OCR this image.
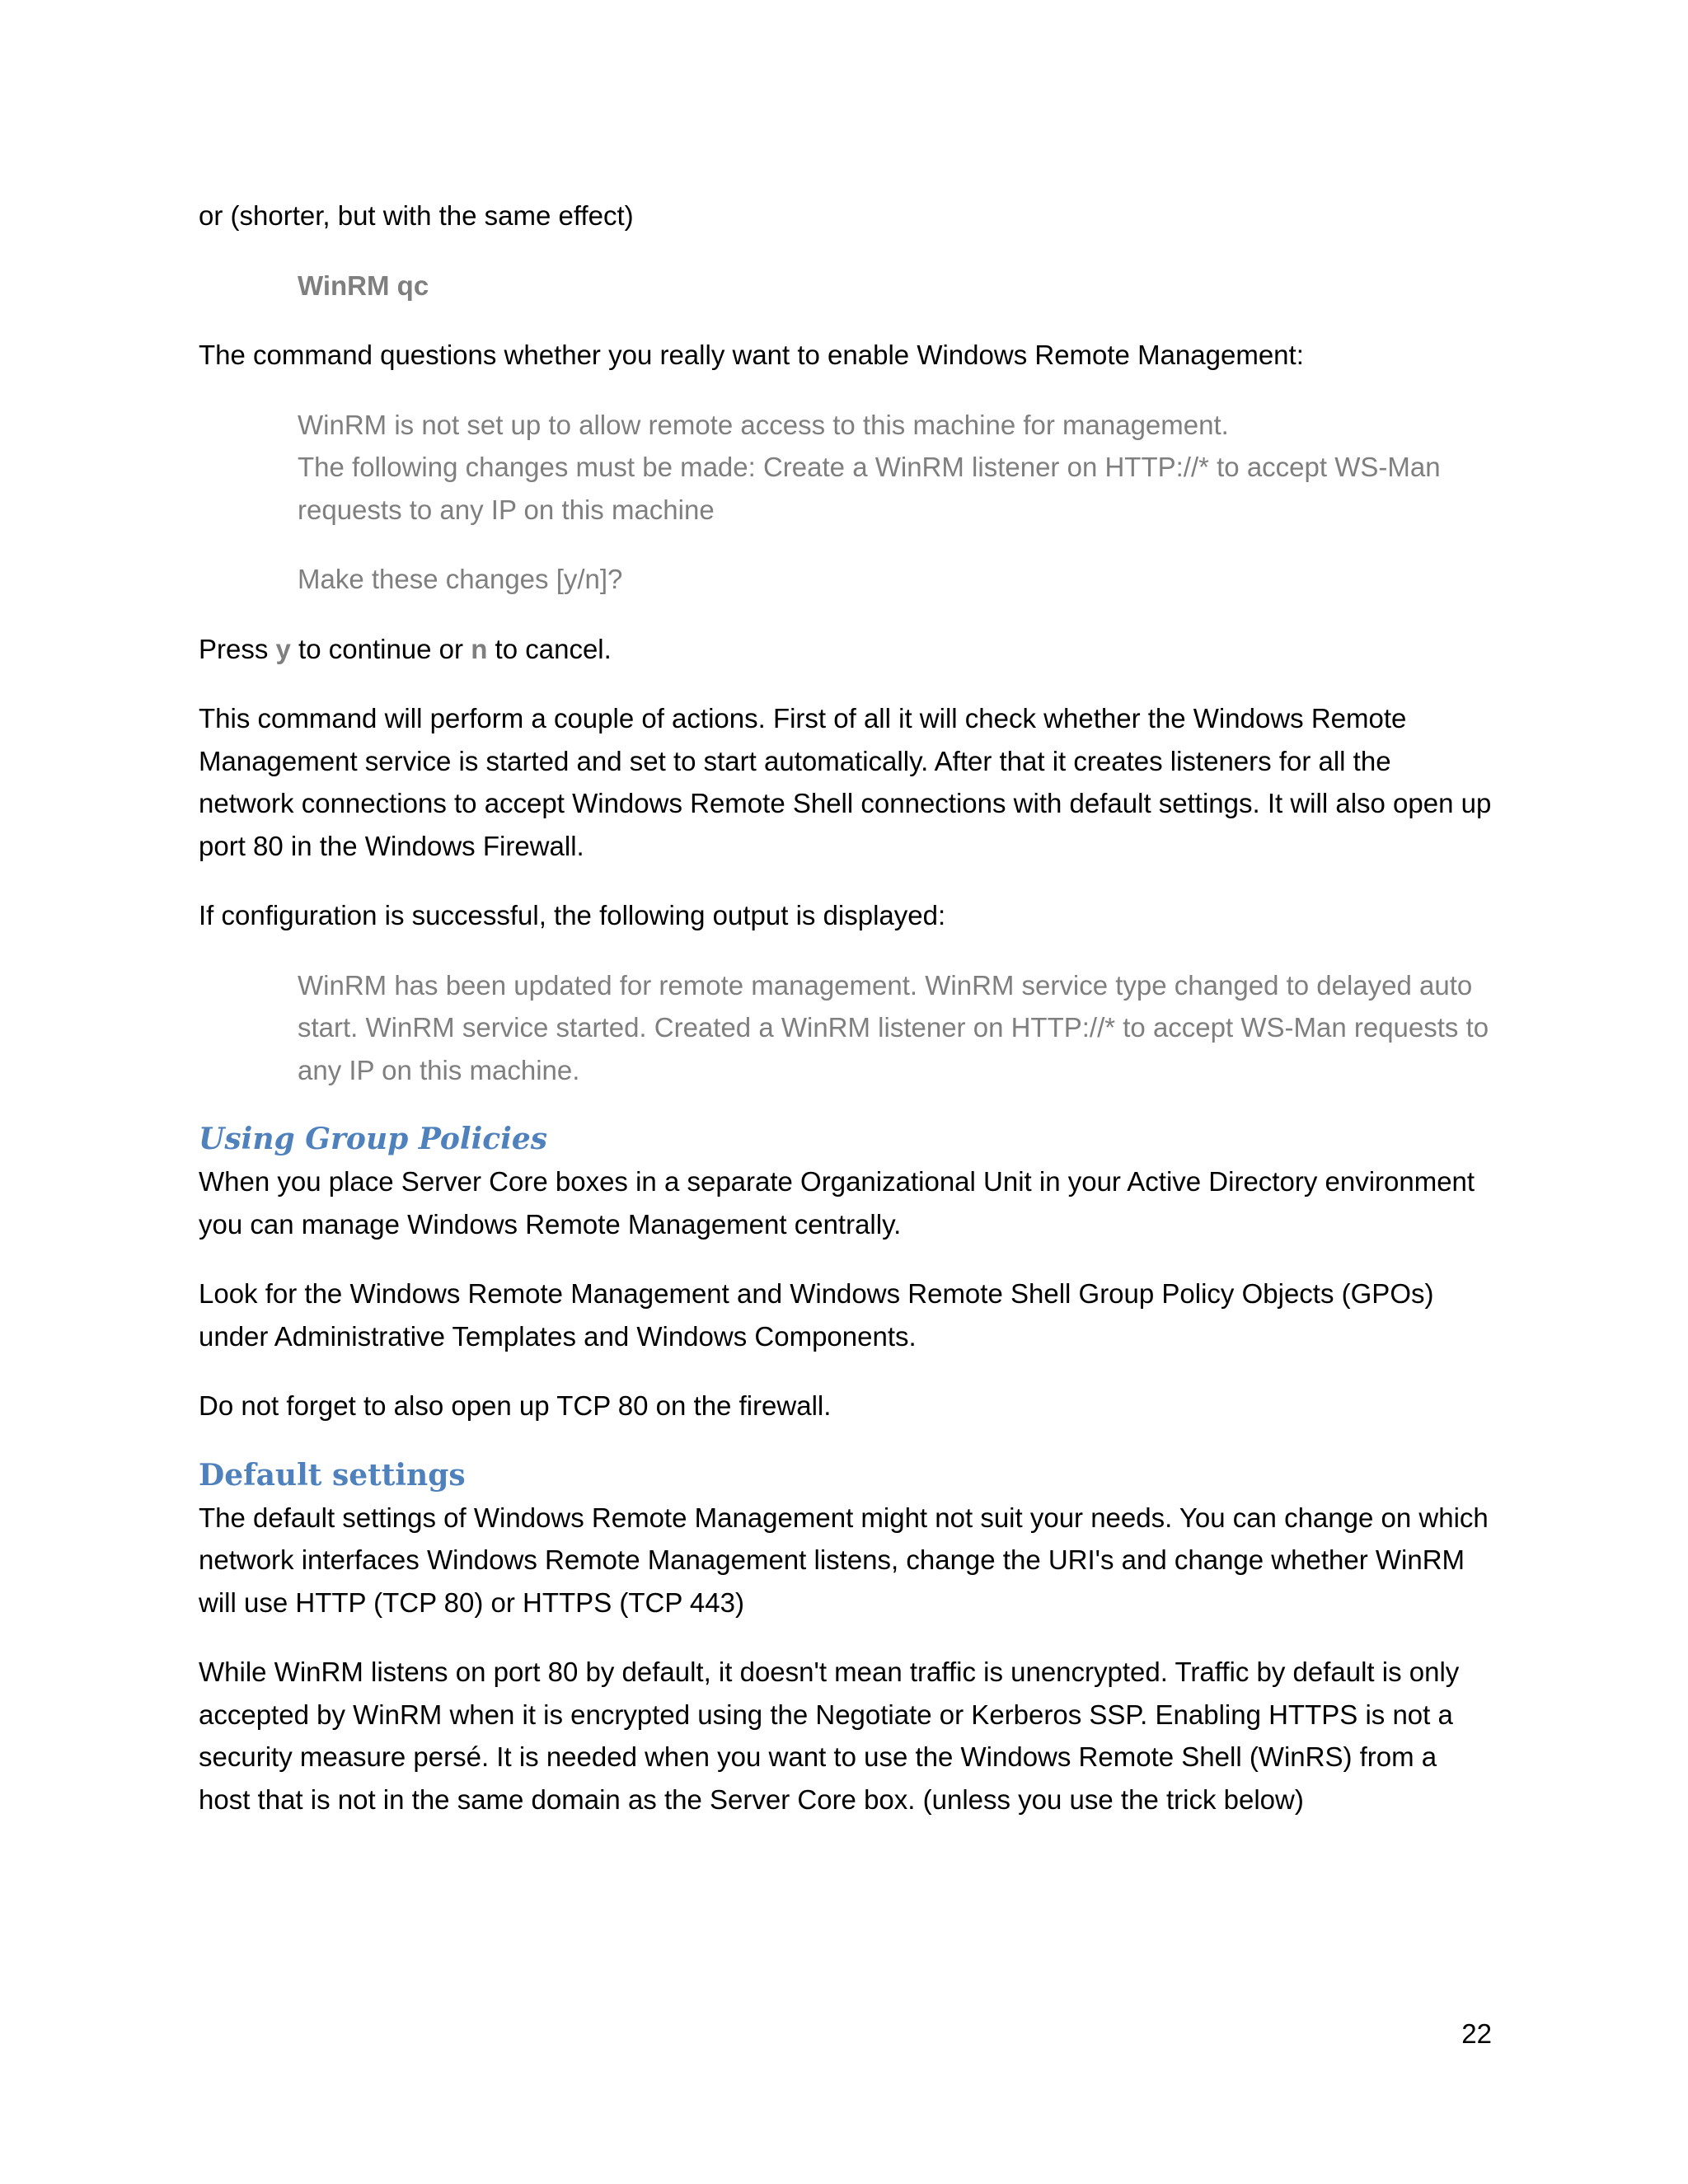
or (shorter, but with the same effect)

WinRM qc

The command questions whether you really want to enable Windows Remote Management:

WinRM is not set up to allow remote access to this machine for management.
The following changes must be made: Create a WinRM listener on HTTP://* to accept WS-Man requests to any IP on this machine

Make these changes [y/n]?

Press y to continue or n to cancel.

This command will perform a couple of actions. First of all it will check whether the Windows Remote Management service is started and set to start automatically. After that it creates listeners for all the network connections to accept Windows Remote Shell connections with default settings. It will also open up port 80 in the Windows Firewall.

If configuration is successful, the following output is displayed:

WinRM has been updated for remote management. WinRM service type changed to delayed auto start. WinRM service started. Created a WinRM listener on HTTP://* to accept WS-Man requests to any IP on this machine.

Using Group Policies

When you place Server Core boxes in a separate Organizational Unit in your Active Directory environment you can manage Windows Remote Management centrally.

Look for the Windows Remote Management and Windows Remote Shell Group Policy Objects (GPOs) under Administrative Templates and Windows Components.

Do not forget to also open up TCP 80 on the firewall.

Default settings

The default settings of Windows Remote Management might not suit your needs. You can change on which network interfaces Windows Remote Management listens, change the URI's and change whether WinRM will use HTTP (TCP 80) or HTTPS (TCP 443)

While WinRM listens on port 80 by default, it doesn't mean traffic is unencrypted. Traffic by default is only accepted by WinRM when it is encrypted using the Negotiate or Kerberos SSP. Enabling HTTPS is not a security measure persé. It is needed when you want to use the Windows Remote Shell (WinRS) from a host that is not in the same domain as the Server Core box. (unless you use the trick below)

22
